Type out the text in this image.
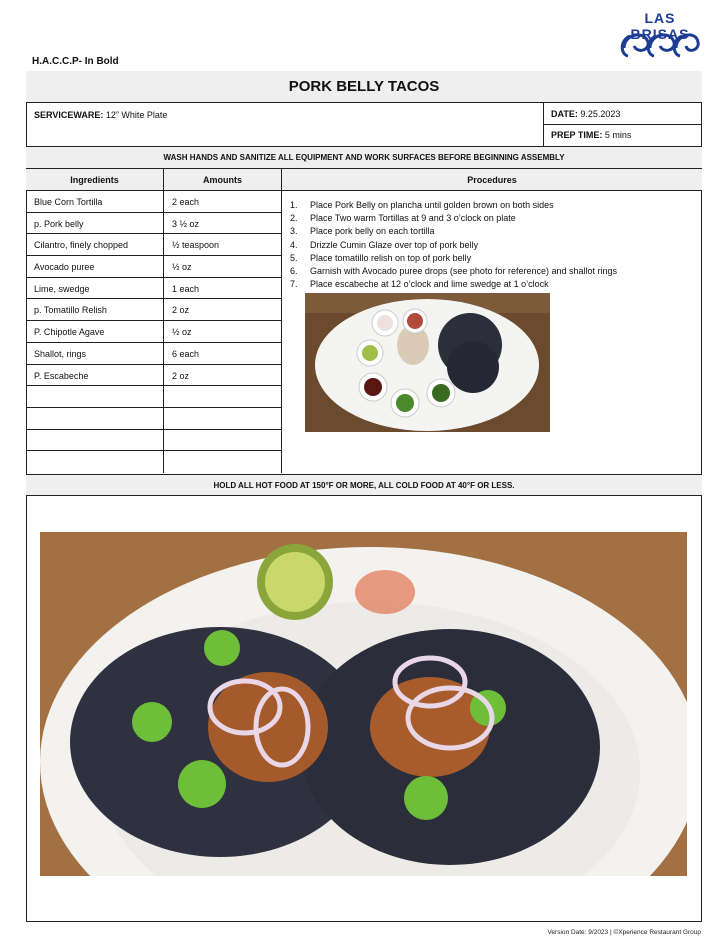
H.A.C.C.P- In Bold
LAS BRISAS
PORK BELLY TACOS
SERVICEWARE: 12” White Plate	DATE: 9.25.2023
PREP TIME: 5 mins
WASH HANDS AND SANITIZE ALL EQUIPMENT AND WORK SURFACES BEFORE BEGINNING ASSEMBLY
Ingredients	Amounts	Procedures
Blue Corn Tortilla	2 each
p. Pork belly	3 ½ oz
Cilantro, finely chopped	½ teaspoon
Avocado puree	½ oz
Lime, swedge	1 each
p. Tomatillo Relish	2 oz
P. Chipotle Agave	½ oz
Shallot, rings	6 each
P. Escabeche	2 oz
1.	Place Pork Belly on plancha until golden brown on both sides
2.	Place Two warm Tortillas at 9 and 3 o’clock on plate
3.	Place pork belly on each tortilla
4.	Drizzle Cumin Glaze over top of pork belly
5.	Place tomatillo relish on top of pork belly
6.	Garnish with Avocado puree drops (see photo for reference) and shallot rings
7.	Place escabeche at 12 o’clock and lime swedge at 1 o’clock
HOLD ALL HOT FOOD AT 150°F OR MORE, ALL COLD FOOD AT 40°F OR LESS.
Version Date: 9/2023 | ©Xperience Restaurant Group
